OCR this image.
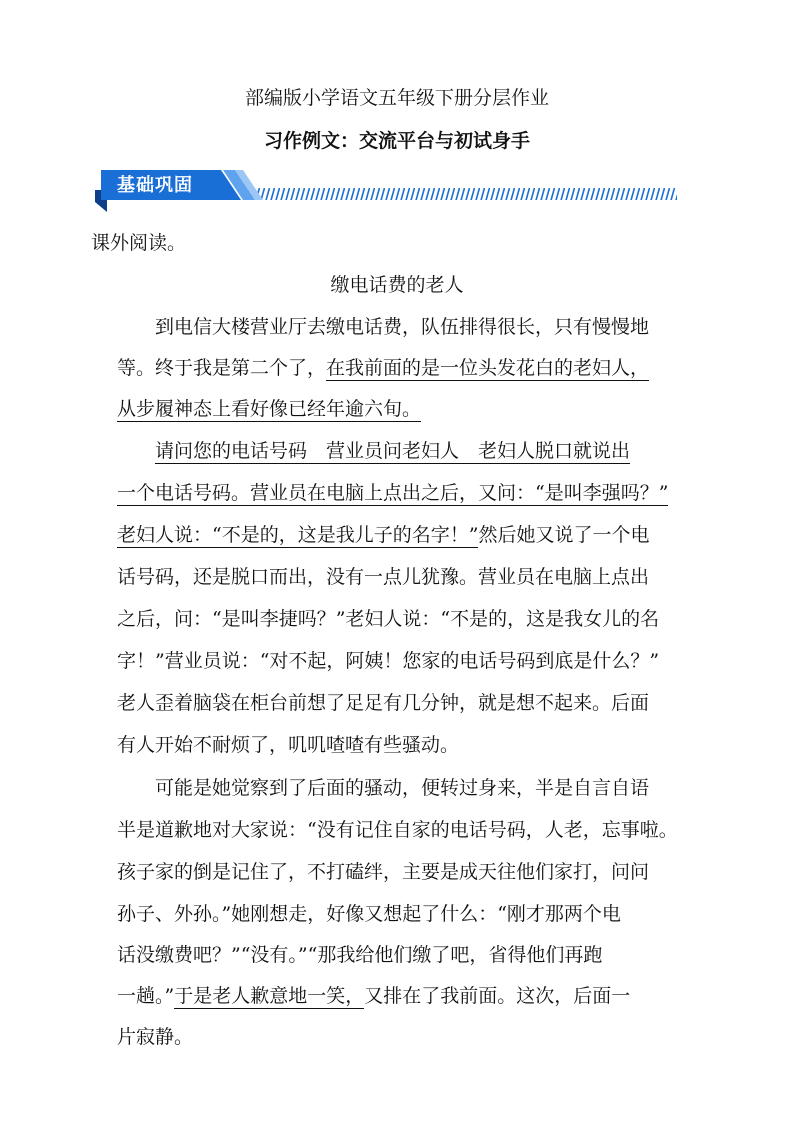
部编版小学语文五年级下册分层作业
习作例文：交流平台与初试身手
基础巩固
课外阅读。
缴电话费的老人
到电信大楼营业厅去缴电话费，队伍排得很长，只有慢慢地
等。终于我是第二个了，在我前面的是一位头发花白的老妇人，
从步履神态上看好像已经年逾六旬。
请问您的电话号码　营业员问老妇人　老妇人脱口就说出
一个电话号码。营业员在电脑上点出之后，又问：“是叫李强吗？”
老妇人说：“不是的，这是我儿子的名字！”然后她又说了一个电
话号码，还是脱口而出，没有一点儿犹豫。营业员在电脑上点出
之后，问：“是叫李捷吗？”老妇人说：“不是的，这是我女儿的名
字！”营业员说：“对不起，阿姨！您家的电话号码到底是什么？”
老人歪着脑袋在柜台前想了足足有几分钟，就是想不起来。后面
有人开始不耐烦了，叽叽喳喳有些骚动。
可能是她觉察到了后面的骚动，便转过身来，半是自言自语
半是道歉地对大家说：“没有记住自家的电话号码，人老，忘事啦。
孩子家的倒是记住了，不打磕绊，主要是成天往他们家打，问问
孙子、外孙。”她刚想走，好像又想起了什么：“刚才那两个电
话没缴费吧？”“没有。”“那我给他们缴了吧，省得他们再跑
一趟。”于是老人歉意地一笑，又排在了我前面。这次，后面一
片寂静。
